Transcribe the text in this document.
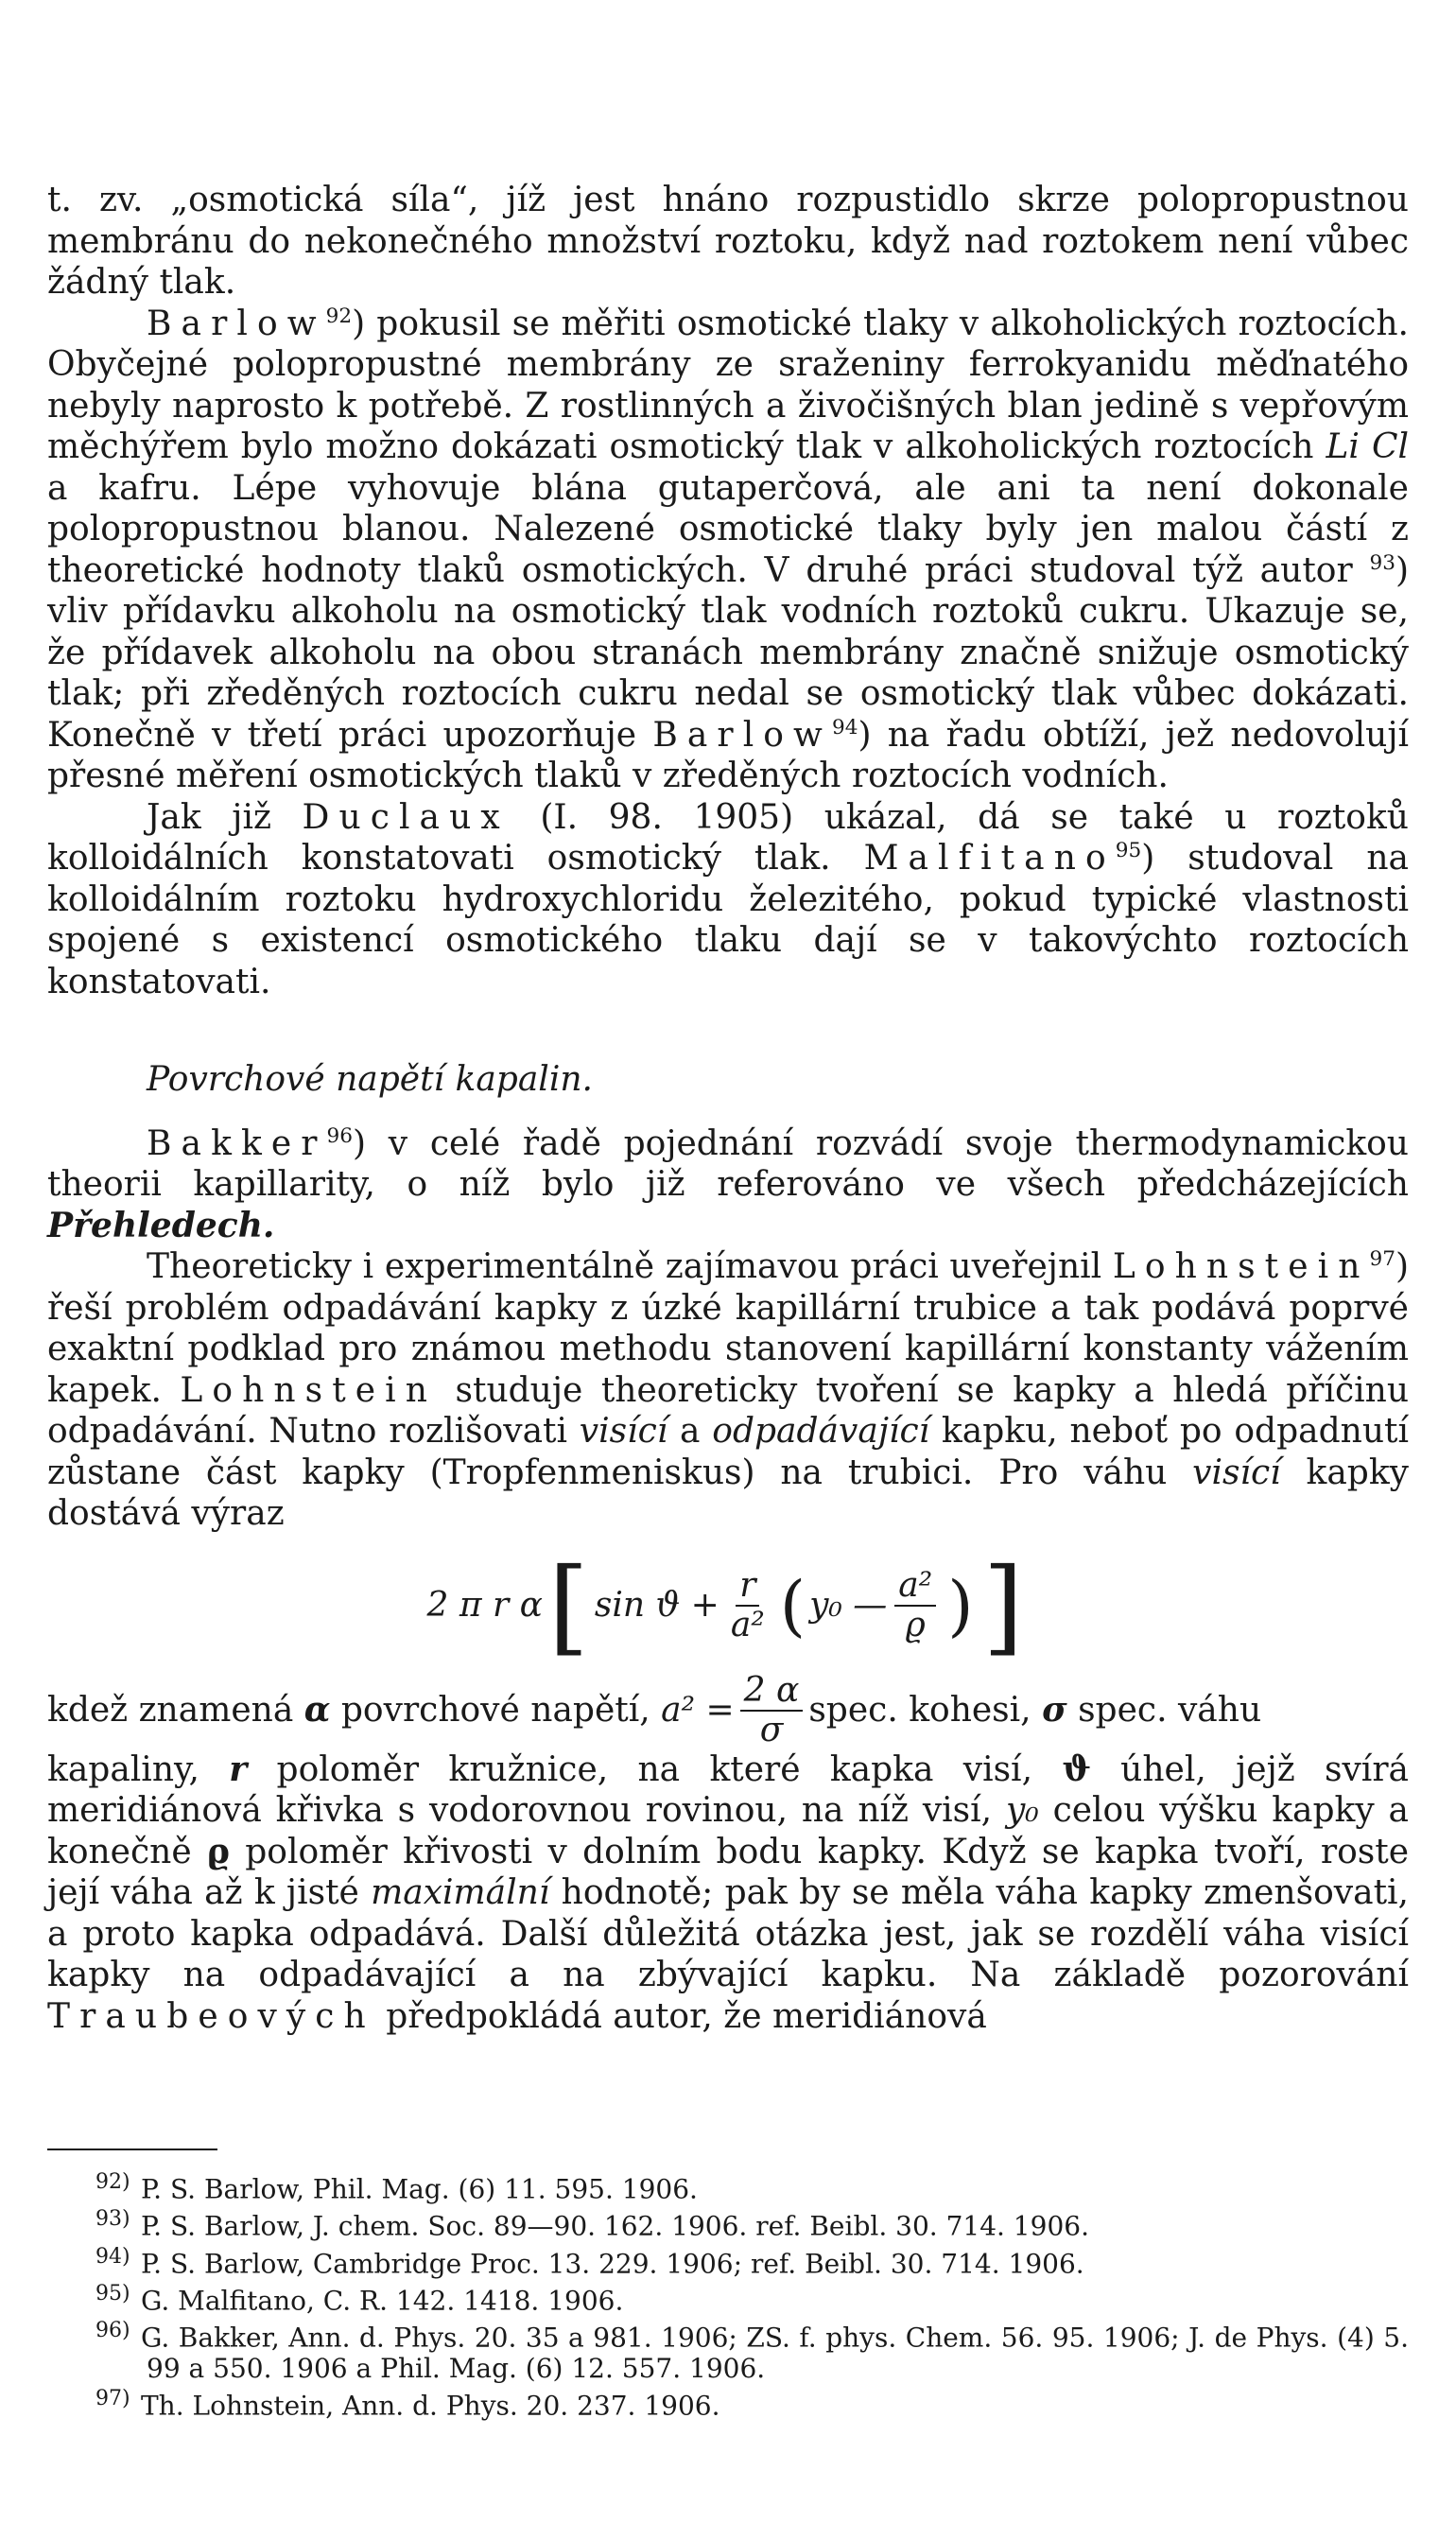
t. zv. „osmotická síla“, jíž jest hnáno rozpustidlo skrze polopropustnou membránu do nekonečného množství roztoku, když nad roztokem není vůbec žádný tlak.

Barlow$^{92}$) pokusil se měřiti osmotické tlaky v alkoholických roztocích. Obyčejné polopropustné membrány ze sraženiny ferrokyanidu měďnatého nebyly naprosto k potřebě. Z rostlinných a živočišných blan jedině s vepřovým měchýřem bylo možno dokázati osmotický tlak v alkoholických roztocích Li Cl a kafru. Lépe vyhovuje blána gutaperčová, ale ani ta není dokonale polopropustnou blanou. Nalezené osmotické tlaky byly jen malou částí z theoretické hodnoty tlaků osmotických. V druhé práci studoval týž autor $^{93}$) vliv přídavku alkoholu na osmotický tlak vodních roztoků cukru. Ukazuje se, že přídavek alkoholu na obou stranách membrány značně snižuje osmotický tlak; při zředěných roztocích cukru nedal se osmotický tlak vůbec dokázati. Konečně v třetí práci upozorňuje Barlow$^{94}$) na řadu obtíží, jež nedovolují přesné měření osmotických tlaků v zředěných roztocích vodních.

Jak již Duclaux (I. 98. 1905) ukázal, dá se také u roztoků kolloidálních konstatovati osmotický tlak. Malfitano$^{95}$) studoval na kolloidálním roztoku hydroxychloridu železitého, pokud typické vlastnosti spojené s existencí osmotického tlaku dají se v takovýchto roztocích konstatovati.

Povrchové napětí kapalin.

Bakker$^{96}$) v celé řadě pojednání rozvádí svoje thermodynamickou theorii kapillarity, o níž bylo již referováno ve všech předcházejících Přehledech.

Theoreticky i experimentálně zajímavou práci uveřejnil Lohnstein$^{97}$) řeší problém odpadávání kapky z úzké kapillární trubice a tak podává poprvé exaktní podklad pro známou methodu stanovení kapillární konstanty vážením kapek. Lohnstein studuje theoreticky tvoření se kapky a hledá příčinu odpadávání. Nutno rozlišovati visící a odpadávající kapku, neboť po odpadnutí zůstane část kapky (Tropfenmeniskus) na trubici. Pro váhu visící kapky dostává výraz

2 π r α [ $\sin ϑ + \frac{r}{\text{a²}}$ ( y₀ — $\frac{\text{a²}}{ϱ}$ ) ]
kdež znamená
α
povrchové napětí,
$a^2 = \frac{2 \alpha}{\sigma}$ spec. kohesi,
σ
spec. váhu

kapaliny, r poloměr kružnice, na které kapka visí, ϑ úhel, jejž svírá meridiánová křivka s vodorovnou rovinou, na níž visí, y₀ celou výšku kapky a konečně ϱ poloměr křivosti v dolním bodu kapky. Když se kapka tvoří, roste její váha až k jisté maximální hodnotě; pak by se měla váha kapky zmenšovati, a proto kapka odpadává. Další důležitá otázka jest, jak se rozdělí váha visící kapky na odpadávající a na zbývající kapku. Na základě pozorování Traubeových předpokládá autor, že meridiánová

92) P. S. Barlow, Phil. Mag. (6) 11. 595. 1906.

93) P. S. Barlow, J. chem. Soc. 89—90. 162. 1906. ref. Beibl. 30. 714. 1906.

94) P. S. Barlow, Cambridge Proc. 13. 229. 1906; ref. Beibl. 30. 714. 1906.

95) G. Malfitano, C. R. 142. 1418. 1906.

96) G. Bakker, Ann. d. Phys. 20. 35 a 981. 1906; ZS. f. phys. Chem. 56. 95. 1906; J. de Phys. (4) 5. 99 a 550. 1906 a Phil. Mag. (6) 12. 557. 1906.

97) Th. Lohnstein, Ann. d. Phys. 20. 237. 1906.
